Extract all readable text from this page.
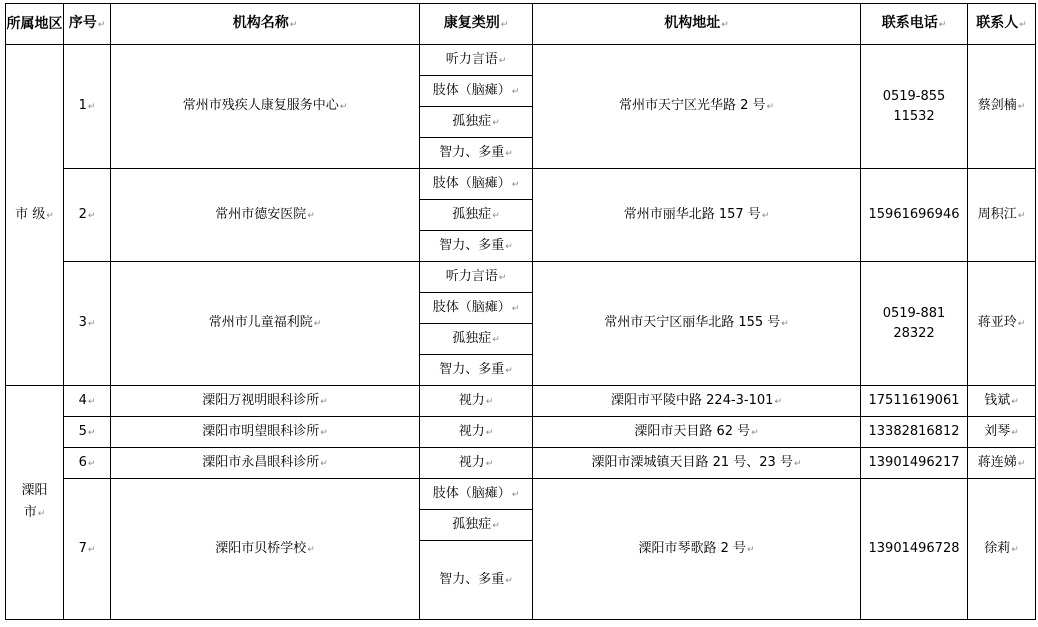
所属地区	序号↵	机构名称↵	康复类别↵	机构地址↵	联系电话↵	联系人↵
市 级↵	1↵	常州市残疾人康复服务中心↵	听力言语↵	常州市天宁区光华路 2 号↵	0519-85511532	蔡剑楠↵
			肢体（脑瘫）↵			
			孤独症↵			
			智力、多重↵			
	2↵	常州市德安医院↵	肢体（脑瘫）↵	常州市丽华北路 157 号↵	15961696946	周积江↵
			孤独症↵			
			智力、多重↵			
	3↵	常州市儿童福利院↵	听力言语↵	常州市天宁区丽华北路 155 号↵	0519-88128322	蒋亚玲↵
			肢体（脑瘫）↵			
			孤独症↵			
			智力、多重↵			

溧阳市↵	4↵	溧阳万视明眼科诊所↵	视力↵	溧阳市平陵中路 224-3-101↵	17511619061	钱斌↵
	5↵	溧阳市明望眼科诊所↵	视力↵	溧阳市天目路 62 号↵	13382816812	刘琴↵
	6↵	溧阳市永昌眼科诊所↵	视力↵	溧阳市溧城镇天目路 21 号、23 号↵	13901496217	蒋连娣↵
	7↵	溧阳市贝桥学校↵	肢体（脑瘫）↵	溧阳市琴歌路 2 号↵	13901496728	徐莉↵
			孤独症↵			
			智力、多重↵			
